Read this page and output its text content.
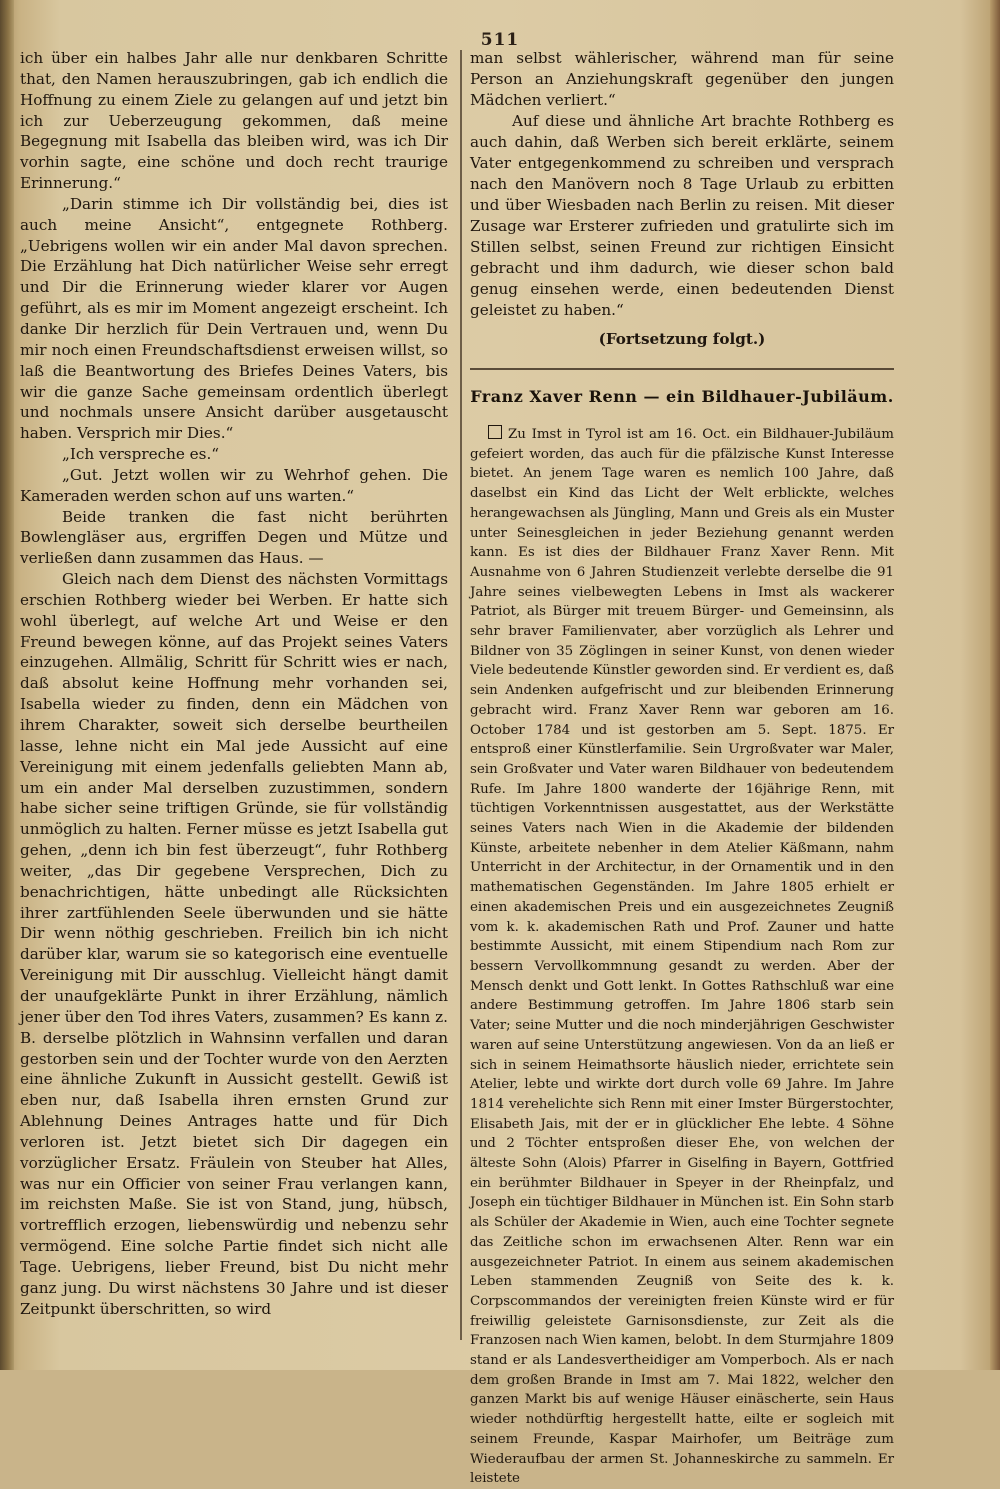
511

ich über ein halbes Jahr alle nur denkbaren Schritte that, den Namen herauszubringen, gab ich endlich die Hoffnung zu einem Ziele zu gelangen auf und jetzt bin ich zur Ueberzeugung gekommen, daß meine Begegnung mit Isabella das bleiben wird, was ich Dir vorhin sagte, eine schöne und doch recht traurige Erinnerung.“

„Darin stimme ich Dir vollständig bei, dies ist auch meine Ansicht“, entgegnete Rothberg. „Uebrigens wollen wir ein ander Mal davon sprechen. Die Erzählung hat Dich natürlicher Weise sehr erregt und Dir die Erinnerung wieder klarer vor Augen geführt, als es mir im Moment angezeigt erscheint. Ich danke Dir herzlich für Dein Vertrauen und, wenn Du mir noch einen Freundschaftsdienst erweisen willst, so laß die Beantwortung des Briefes Deines Vaters, bis wir die ganze Sache gemeinsam ordentlich überlegt und nochmals unsere Ansicht darüber ausgetauscht haben. Versprich mir Dies.“

„Ich verspreche es.“

„Gut. Jetzt wollen wir zu Wehrhof gehen. Die Kameraden werden schon auf uns warten.“

Beide tranken die fast nicht berührten Bowlengläser aus, ergriffen Degen und Mütze und verließen dann zusammen das Haus. —

Gleich nach dem Dienst des nächsten Vormittags erschien Rothberg wieder bei Werben. Er hatte sich wohl überlegt, auf welche Art und Weise er den Freund bewegen könne, auf das Projekt seines Vaters einzugehen. Allmälig, Schritt für Schritt wies er nach, daß absolut keine Hoffnung mehr vorhanden sei, Isabella wieder zu finden, denn ein Mädchen von ihrem Charakter, soweit sich derselbe beurtheilen lasse, lehne nicht ein Mal jede Aussicht auf eine Vereinigung mit einem jedenfalls geliebten Mann ab, um ein ander Mal derselben zuzustimmen, sondern habe sicher seine triftigen Gründe, sie für vollständig unmöglich zu halten. Ferner müsse es jetzt Isabella gut gehen, „denn ich bin fest überzeugt“, fuhr Rothberg weiter, „das Dir gegebene Versprechen, Dich zu benachrichtigen, hätte unbedingt alle Rücksichten ihrer zartfühlenden Seele überwunden und sie hätte Dir wenn nöthig geschrieben. Freilich bin ich nicht darüber klar, warum sie so kategorisch eine eventuelle Vereinigung mit Dir ausschlug. Vielleicht hängt damit der unaufgeklärte Punkt in ihrer Erzählung, nämlich jener über den Tod ihres Vaters, zusammen? Es kann z. B. derselbe plötzlich in Wahnsinn verfallen und daran gestorben sein und der Tochter wurde von den Aerzten eine ähnliche Zukunft in Aussicht gestellt. Gewiß ist eben nur, daß Isabella ihren ernsten Grund zur Ablehnung Deines Antrages hatte und für Dich verloren ist. Jetzt bietet sich Dir dagegen ein vorzüglicher Ersatz. Fräulein von Steuber hat Alles, was nur ein Officier von seiner Frau verlangen kann, im reichsten Maße. Sie ist von Stand, jung, hübsch, vortrefflich erzogen, liebenswürdig und nebenzu sehr vermögend. Eine solche Partie findet sich nicht alle Tage. Uebrigens, lieber Freund, bist Du nicht mehr ganz jung. Du wirst nächstens 30 Jahre und ist dieser Zeitpunkt überschritten, so wird

man selbst wählerischer, während man für seine Person an Anziehungskraft gegenüber den jungen Mädchen verliert.“

Auf diese und ähnliche Art brachte Rothberg es auch dahin, daß Werben sich bereit erklärte, seinem Vater entgegenkommend zu schreiben und versprach nach den Manövern noch 8 Tage Urlaub zu erbitten und über Wiesbaden nach Berlin zu reisen. Mit dieser Zusage war Ersterer zufrieden und gratulirte sich im Stillen selbst, seinen Freund zur richtigen Einsicht gebracht und ihm dadurch, wie dieser schon bald genug einsehen werde, einen bedeutenden Dienst geleistet zu haben.“

(Fortsetzung folgt.)

Franz Xaver Renn — ein Bildhauer-Jubiläum.

Zu Imst in Tyrol ist am 16. Oct. ein Bildhauer-Jubiläum gefeiert worden, das auch für die pfälzische Kunst Interesse bietet. An jenem Tage waren es nemlich 100 Jahre, daß daselbst ein Kind das Licht der Welt erblickte, welches herangewachsen als Jüngling, Mann und Greis als ein Muster unter Seinesgleichen in jeder Beziehung genannt werden kann. Es ist dies der Bildhauer Franz Xaver Renn. Mit Ausnahme von 6 Jahren Studienzeit verlebte derselbe die 91 Jahre seines vielbewegten Lebens in Imst als wackerer Patriot, als Bürger mit treuem Bürger- und Gemeinsinn, als sehr braver Familienvater, aber vorzüglich als Lehrer und Bildner von 35 Zöglingen in seiner Kunst, von denen wieder Viele bedeutende Künstler geworden sind. Er verdient es, daß sein Andenken aufgefrischt und zur bleibenden Erinnerung gebracht wird. Franz Xaver Renn war geboren am 16. October 1784 und ist gestorben am 5. Sept. 1875. Er entsproß einer Künstlerfamilie. Sein Urgroßvater war Maler, sein Großvater und Vater waren Bildhauer von bedeutendem Rufe. Im Jahre 1800 wanderte der 16jährige Renn, mit tüchtigen Vorkenntnissen ausgestattet, aus der Werkstätte seines Vaters nach Wien in die Akademie der bildenden Künste, arbeitete nebenher in dem Atelier Käßmann, nahm Unterricht in der Architectur, in der Ornamentik und in den mathematischen Gegenständen. Im Jahre 1805 erhielt er einen akademischen Preis und ein ausgezeichnetes Zeugniß vom k. k. akademischen Rath und Prof. Zauner und hatte bestimmte Aussicht, mit einem Stipendium nach Rom zur bessern Vervollkommnung gesandt zu werden. Aber der Mensch denkt und Gott lenkt. In Gottes Rathschluß war eine andere Bestimmung getroffen. Im Jahre 1806 starb sein Vater; seine Mutter und die noch minderjährigen Geschwister waren auf seine Unterstützung angewiesen. Von da an ließ er sich in seinem Heimathsorte häuslich nieder, errichtete sein Atelier, lebte und wirkte dort durch volle 69 Jahre. Im Jahre 1814 verehelichte sich Renn mit einer Imster Bürgerstochter, Elisabeth Jais, mit der er in glücklicher Ehe lebte. 4 Söhne und 2 Töchter entsproßen dieser Ehe, von welchen der älteste Sohn (Alois) Pfarrer in Giselfing in Bayern, Gottfried ein berühmter Bildhauer in Speyer in der Rheinpfalz, und Joseph ein tüchtiger Bildhauer in München ist. Ein Sohn starb als Schüler der Akademie in Wien, auch eine Tochter segnete das Zeitliche schon im erwachsenen Alter. Renn war ein ausgezeichneter Patriot. In einem aus seinem akademischen Leben stammenden Zeugniß von Seite des k. k. Corpscommandos der vereinigten freien Künste wird er für freiwillig geleistete Garnisonsdienste, zur Zeit als die Franzosen nach Wien kamen, belobt. In dem Sturmjahre 1809 stand er als Landesvertheidiger am Vomperboch. Als er nach dem großen Brande in Imst am 7. Mai 1822, welcher den ganzen Markt bis auf wenige Häuser einäscherte, sein Haus wieder nothdürftig hergestellt hatte, eilte er sogleich mit seinem Freunde, Kaspar Mairhofer, um Beiträge zum Wiederaufbau der armen St. Johanneskirche zu sammeln. Er leistete
